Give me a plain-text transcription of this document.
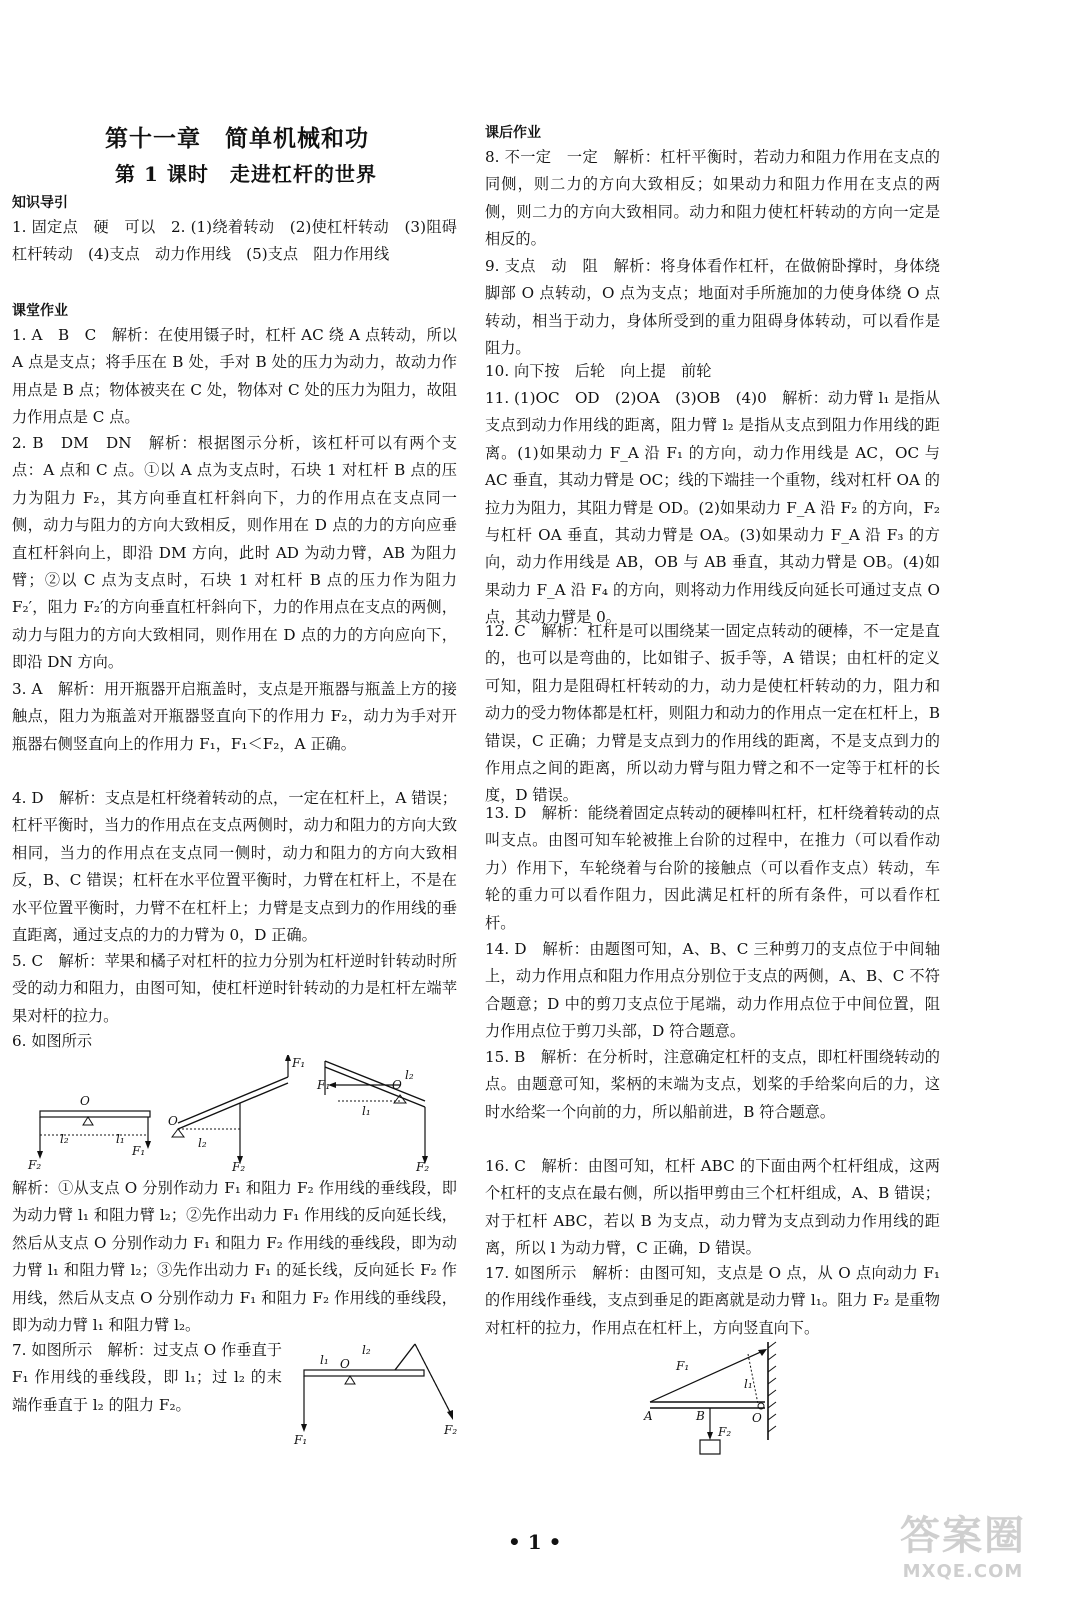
第十一章　简单机械和功
第 1 课时　走进杠杆的世界
知识导引

1. 固定点　硬　可以　2. (1)绕着转动　(2)使杠杆转动　(3)阻碍杠杆转动　(4)支点　动力作用线　(5)支点　阻力作用线

课堂作业

1. A　B　C　解析：在使用镊子时，杠杆 AC 绕 A 点转动，所以 A 点是支点；将手压在 B 处，手对 B 处的压力为动力，故动力作用点是 B 点；物体被夹在 C 处，物体对 C 处的压力为阻力，故阻力作用点是 C 点。

2. B　DM　DN　解析：根据图示分析，该杠杆可以有两个支点：A 点和 C 点。①以 A 点为支点时，石块 1 对杠杆 B 点的压力为阻力 F₂，其方向垂直杠杆斜向下，力的作用点在支点同一侧，动力与阻力的方向大致相反，则作用在 D 点的力的方向应垂直杠杆斜向上，即沿 DM 方向，此时 AD 为动力臂，AB 为阻力臂；②以 C 点为支点时，石块 1 对杠杆 B 点的压力作为阻力 F₂′，阻力 F₂′的方向垂直杠杆斜向下，力的作用点在支点的两侧，动力与阻力的方向大致相同，则作用在 D 点的力的方向应向下，即沿 DN 方向。

3. A　解析：用开瓶器开启瓶盖时，支点是开瓶器与瓶盖上方的接触点，阻力为瓶盖对开瓶器竖直向下的作用力 F₂，动力为手对开瓶器右侧竖直向上的作用力 F₁，F₁＜F₂，A 正确。

4. D　解析：支点是杠杆绕着转动的点，一定在杠杆上，A 错误；杠杆平衡时，当力的作用点在支点两侧时，动力和阻力的方向大致相同，当力的作用点在支点同一侧时，动力和阻力的方向大致相反，B、C 错误；杠杆在水平位置平衡时，力臂在杠杆上，不是在水平位置平衡时，力臂不在杠杆上；力臂是支点到力的作用线的垂直距离，通过支点的力的力臂为 0，D 正确。

5. C　解析：苹果和橘子对杠杆的拉力分别为杠杆逆时针转动时所受的动力和阻力，由图可知，使杠杆逆时针转动的力是杠杆左端苹果对杆的拉力。

6. 如图所示

O
l₂	l₁
F₂
F₁
O
l₂
F₁
F₂
F₁	O
l₂
l₁
F₂

解析：①从支点 O 分别作动力 F₁ 和阻力 F₂ 作用线的垂线段，即为动力臂 l₁ 和阻力臂 l₂；②先作出动力 F₁ 作用线的反向延长线，然后从支点 O 分别作动力 F₁ 和阻力 F₂ 作用线的垂线段，即为动力臂 l₁ 和阻力臂 l₂；③先作出动力 F₁ 的延长线，反向延长 F₂ 作用线，然后从支点 O 分别作动力 F₁ 和阻力 F₂ 作用线的垂线段，即为动力臂 l₁ 和阻力臂 l₂。

7. 如图所示　解析：过支点 O 作垂直于 F₁ 作用线的垂线段，即 l₁；过 l₂ 的末端作垂直于 l₂ 的阻力 F₂。

l₁ O
l₂
F₁
F₂
课后作业

8. 不一定　一定　解析：杠杆平衡时，若动力和阻力作用在支点的同侧，则二力的方向大致相反；如果动力和阻力作用在支点的两侧，则二力的方向大致相同。动力和阻力使杠杆转动的方向一定是相反的。

9. 支点　动　阻　解析：将身体看作杠杆，在做俯卧撑时，身体绕脚部 O 点转动，O 点为支点；地面对手所施加的力使身体绕 O 点转动，相当于动力，身体所受到的重力阻碍身体转动，可以看作是阻力。

10. 向下按　后轮　向上提　前轮

11. (1)OC　OD　(2)OA　(3)OB　(4)0　解析：动力臂 l₁ 是指从支点到动力作用线的距离，阻力臂 l₂ 是指从支点到阻力作用线的距离。(1)如果动力 F_A 沿 F₁ 的方向，动力作用线是 AC，OC 与 AC 垂直，其动力臂是 OC；线的下端挂一个重物，线对杠杆 OA 的拉力为阻力，其阻力臂是 OD。(2)如果动力 F_A 沿 F₂ 的方向，F₂ 与杠杆 OA 垂直，其动力臂是 OA。(3)如果动力 F_A 沿 F₃ 的方向，动力作用线是 AB，OB 与 AB 垂直，其动力臂是 OB。(4)如果动力 F_A 沿 F₄ 的方向，则将动力作用线反向延长可通过支点 O 点，其动力臂是 0。

12. C　解析：杠杆是可以围绕某一固定点转动的硬棒，不一定是直的，也可以是弯曲的，比如钳子、扳手等，A 错误；由杠杆的定义可知，阻力是阻碍杠杆转动的力，动力是使杠杆转动的力，阻力和动力的受力物体都是杠杆，则阻力和动力的作用点一定在杠杆上，B 错误，C 正确；力臂是支点到力的作用线的距离，不是支点到力的作用点之间的距离，所以动力臂与阻力臂之和不一定等于杠杆的长度，D 错误。

13. D　解析：能绕着固定点转动的硬棒叫杠杆，杠杆绕着转动的点叫支点。由图可知车轮被推上台阶的过程中，在推力（可以看作动力）作用下，车轮绕着与台阶的接触点（可以看作支点）转动，车轮的重力可以看作阻力，因此满足杠杆的所有条件，可以看作杠杆。

14. D　解析：由题图可知，A、B、C 三种剪刀的支点位于中间轴上，动力作用点和阻力作用点分别位于支点的两侧，A、B、C 不符合题意；D 中的剪刀支点位于尾端，动力作用点位于中间位置，阻力作用点位于剪刀头部，D 符合题意。

15. B　解析：在分析时，注意确定杠杆的支点，即杠杆围绕转动的点。由题意可知，桨柄的末端为支点，划桨的手给桨向后的力，这时水给桨一个向前的力，所以船前进，B 符合题意。

16. C　解析：由图可知，杠杆 ABC 的下面由两个杠杆组成，这两个杠杆的支点在最右侧，所以指甲剪由三个杠杆组成，A、B 错误；对于杠杆 ABC，若以 B 为支点，动力臂为支点到动力作用线的距离，所以 l 为动力臂，C 正确，D 错误。

17. 如图所示　解析：由图可知，支点是 O 点，从 O 点向动力 F₁ 的作用线作垂线，支点到垂足的距离就是动力臂 l₁。阻力 F₂ 是重物对杠杆的拉力，作用点在杠杆上，方向竖直向下。

F₁
l₁
A	B	O
F₂
• 1 •	答案圈
MXQE.COM
